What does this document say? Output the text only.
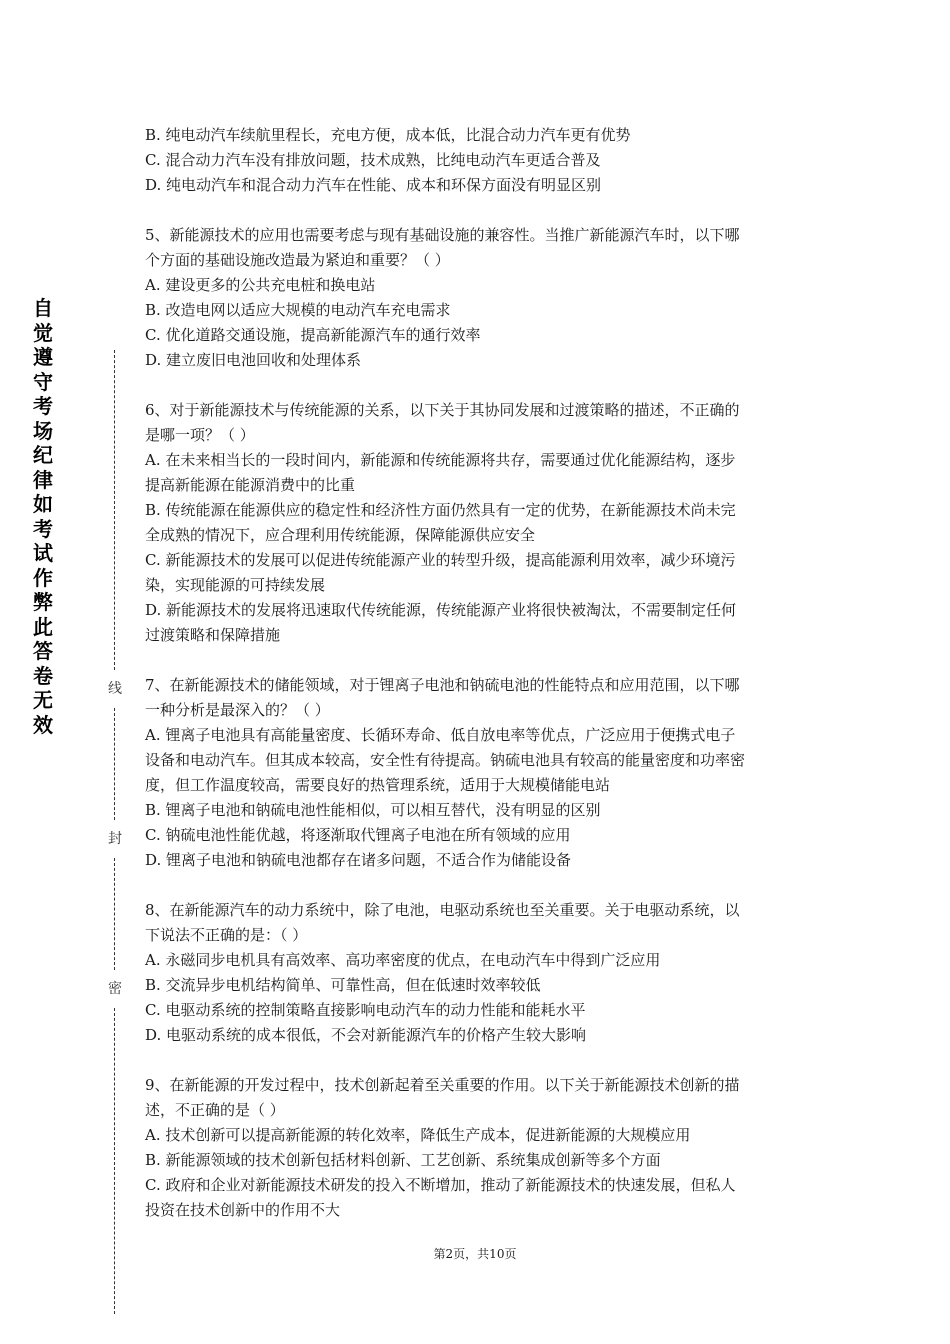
自
觉
遵
守
考
场
纪
律
如
考
试
作
弊
此
答
卷
无
效
线
封
密
B. 纯电动汽车续航里程长，充电方便，成本低，比混合动力汽车更有优势
C. 混合动力汽车没有排放问题，技术成熟，比纯电动汽车更适合普及
D. 纯电动汽车和混合动力汽车在性能、成本和环保方面没有明显区别
5、新能源技术的应用也需要考虑与现有基础设施的兼容性。当推广新能源汽车时，以下哪
个方面的基础设施改造最为紧迫和重要？（ ）
A. 建设更多的公共充电桩和换电站
B. 改造电网以适应大规模的电动汽车充电需求
C. 优化道路交通设施，提高新能源汽车的通行效率
D. 建立废旧电池回收和处理体系
6、对于新能源技术与传统能源的关系，以下关于其协同发展和过渡策略的描述，不正确的
是哪一项？（ ）
A. 在未来相当长的一段时间内，新能源和传统能源将共存，需要通过优化能源结构，逐步
提高新能源在能源消费中的比重
B. 传统能源在能源供应的稳定性和经济性方面仍然具有一定的优势，在新能源技术尚未完
全成熟的情况下，应合理利用传统能源，保障能源供应安全
C. 新能源技术的发展可以促进传统能源产业的转型升级，提高能源利用效率，减少环境污
染，实现能源的可持续发展
D. 新能源技术的发展将迅速取代传统能源，传统能源产业将很快被淘汰，不需要制定任何
过渡策略和保障措施
7、在新能源技术的储能领域，对于锂离子电池和钠硫电池的性能特点和应用范围，以下哪
一种分析是最深入的？（ ）
A. 锂离子电池具有高能量密度、长循环寿命、低自放电率等优点，广泛应用于便携式电子
设备和电动汽车。但其成本较高，安全性有待提高。钠硫电池具有较高的能量密度和功率密
度，但工作温度较高，需要良好的热管理系统，适用于大规模储能电站
B. 锂离子电池和钠硫电池性能相似，可以相互替代，没有明显的区别
C. 钠硫电池性能优越，将逐渐取代锂离子电池在所有领域的应用
D. 锂离子电池和钠硫电池都存在诸多问题，不适合作为储能设备
8、在新能源汽车的动力系统中，除了电池，电驱动系统也至关重要。关于电驱动系统，以
下说法不正确的是：（ ）
A. 永磁同步电机具有高效率、高功率密度的优点，在电动汽车中得到广泛应用
B. 交流异步电机结构简单、可靠性高，但在低速时效率较低
C. 电驱动系统的控制策略直接影响电动汽车的动力性能和能耗水平
D. 电驱动系统的成本很低，不会对新能源汽车的价格产生较大影响
9、在新能源的开发过程中，技术创新起着至关重要的作用。以下关于新能源技术创新的描
述，不正确的是（ ）
A. 技术创新可以提高新能源的转化效率，降低生产成本，促进新能源的大规模应用
B. 新能源领域的技术创新包括材料创新、工艺创新、系统集成创新等多个方面
C. 政府和企业对新能源技术研发的投入不断增加，推动了新能源技术的快速发展，但私人
投资在技术创新中的作用不大
第2页，共10页
